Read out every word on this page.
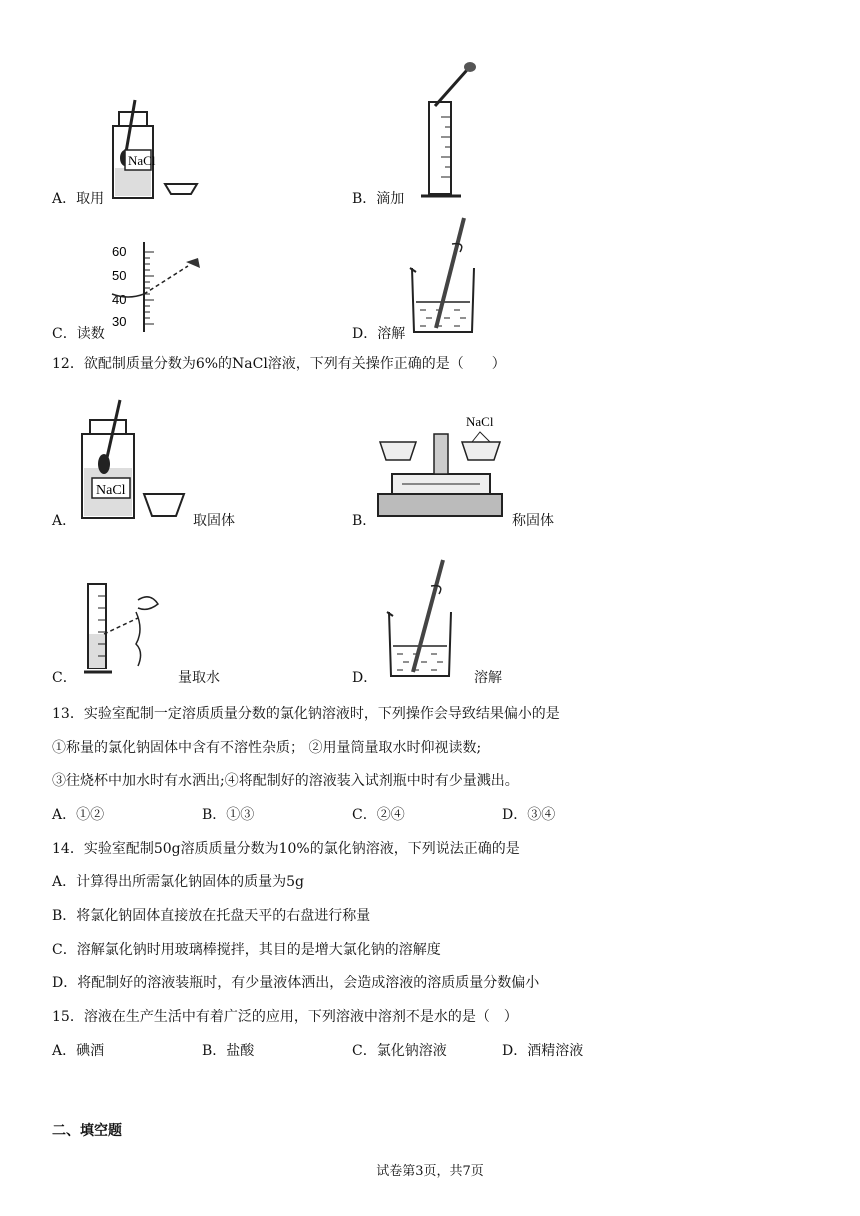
A．取用
NaCl
B．滴加
C．读数
60
50
40
30
D．溶解
12．欲配制质量分数为6%的NaCl溶液，下列有关操作正确的是（　　）
A．
NaCl
取固体	B．
NaCl
称固体
C．	量取水	D．	溶解
13．实验室配制一定溶质质量分数的氯化钠溶液时，下列操作会导致结果偏小的是
①称量的氯化钠固体中含有不溶性杂质； ②用量筒量取水时仰视读数;
③往烧杯中加水时有水洒出;④将配制好的溶液装入试剂瓶中时有少量溅出。
A．①②	B．①③	C．②④	D．③④
14．实验室配制50g溶质质量分数为10%的氯化钠溶液，下列说法正确的是
A．计算得出所需氯化钠固体的质量为5g
B．将氯化钠固体直接放在托盘天平的右盘进行称量
C．溶解氯化钠时用玻璃棒搅拌，其目的是增大氯化钠的溶解度
D．将配制好的溶液装瓶时，有少量液体洒出，会造成溶液的溶质质量分数偏小
15．溶液在生产生活中有着广泛的应用，下列溶液中溶剂不是水的是（　）
A．碘酒	B．盐酸	C．氯化钠溶液	D．酒精溶液
二、填空题
试卷第3页，共7页
